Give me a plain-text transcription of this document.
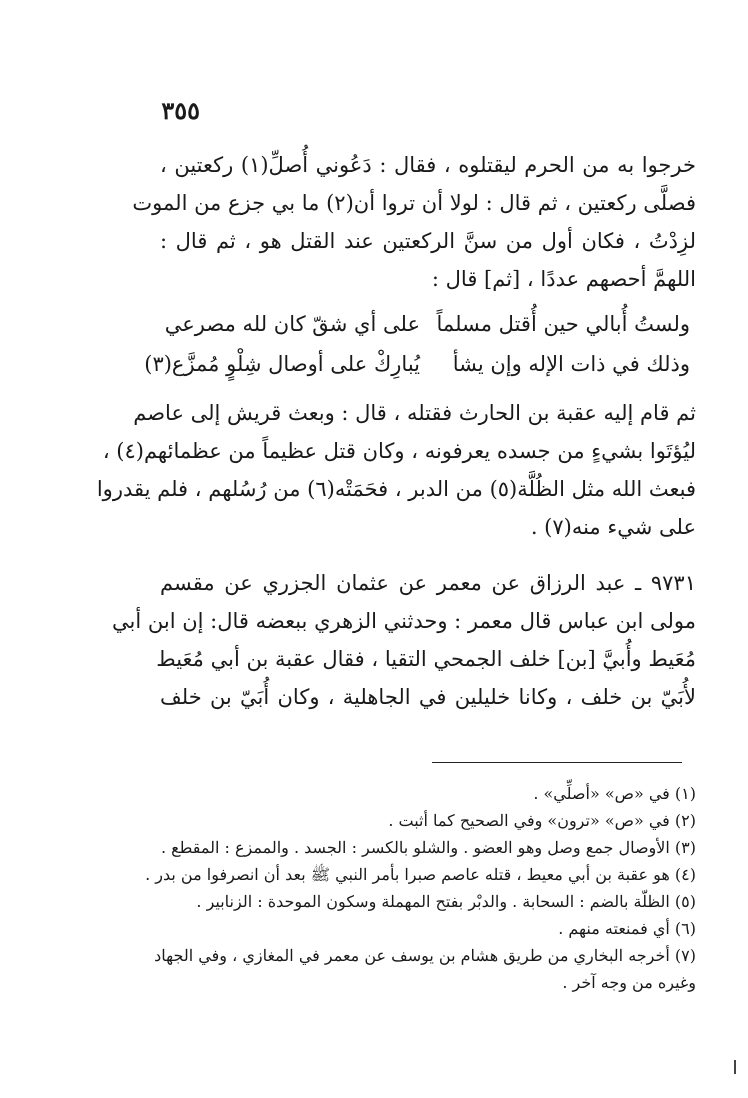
٣٥٥
خرجوا به من الحرم ليقتلوه ، فقال : دَعُوني أُصلِّ(١) ركعتين ،
فصلَّى ركعتين ، ثم قال : لولا أن تروا أن(٢) ما بي جزع من الموت
لزِدْتُ ، فكان أول من سنَّ الركعتين عند القتل هو ، ثم قال :
اللهمَّ أحصهم عددًا ، [ثم] قال :
ولستُ أُبالي حين أُقتل مسلماً
على أي شقّ كان لله مصرعي
وذلك في ذات الإله وإن يشأ
يُبارِكْ على أوصال شِلْوٍ مُمزَّع(٣)
ثم قام إليه عقبة بن الحارث فقتله ، قال : وبعث قريش إلى عاصم
ليُؤتَوا بشيءٍ من جسده يعرفونه ، وكان قتل عظيماً من عظمائهم(٤) ،
فبعث الله مثل الظُلَّة(٥) من الدبر ، فحَمَتْه(٦) من رُسُلهم ، فلم يقدروا
على شيء منه(٧) .
٩٧٣١ ـ عبد الرزاق عن معمر عن عثمان الجزري عن مقسم
مولى ابن عباس قال معمر : وحدثني الزهري ببعضه قال: إن ابن أبي
مُعَيط وأُبيَّ [بن] خلف الجمحي التقيا ، فقال عقبة بن أبي مُعَيط
لأُبَيّ بن خلف ، وكانا خليلين في الجاهلية ، وكان أُبَيّ بن خلف
(١) في «ص» «أصلِّي» .
(٢) في «ص» «ترون» وفي الصحيح كما أثبت .
(٣) الأوصال جمع وصل وهو العضو . والشلو بالكسر : الجسد . والممزع : المقطع .
(٤) هو عقبة بن أبي معيط ، قتله عاصم صبرا بأمر النبي ﷺ بعد أن انصرفوا من بدر .
(٥) الظلّة بالضم : السحابة . والدبْر بفتح المهملة وسكون الموحدة : الزنابير .
(٦) أي فمنعته منهم .
(٧) أخرجه البخاري من طريق هشام بن يوسف عن معمر في المغازي ، وفي الجهاد
وغيره من وجه آخر .
